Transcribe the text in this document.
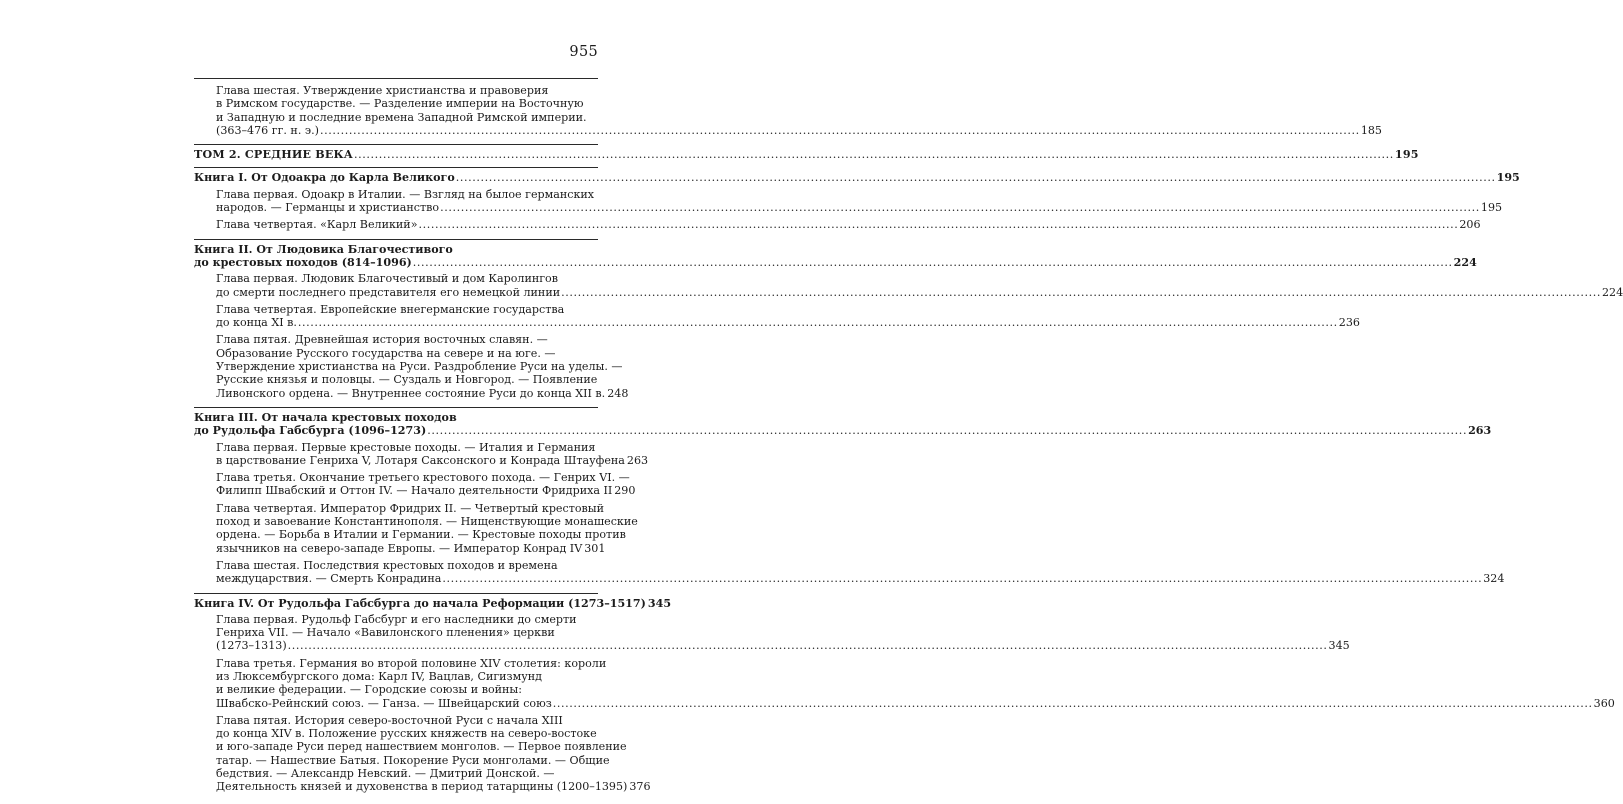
955
Глава шестая. Утверждение христианства и правоверия
в Римском государстве. — Разделение империи на Восточную
и Западную и последние времена Западной Римской империи.
(363–476 гг. н. э.) .....	185
ТОМ 2. СРЕДНИЕ ВЕКА .....	195
Книга I. От Одоакра до Карла Великого .....	195
Глава первая. Одоакр в Италии. — Взгляд на былое германских
народов. — Германцы и христианство .....	195
Глава четвертая. «Карл Великий» .....	206
Книга II. От Людовика Благочестивого
до крестовых походов (814–1096) .....	224
Глава первая. Людовик Благочестивый и дом Каролингов
до смерти последнего представителя его немецкой линии .....	224
Глава четвертая. Европейские внегерманские государства
до конца XI в. .....	236
Глава пятая. Древнейшая история восточных славян. —
Образование Русского государства на севере и на юге. —
Утверждение христианства на Руси. Раздробление Руси на уделы. —
Русские князья и половцы. — Суздаль и Новгород. — Появление
Ливонского ордена. — Внутреннее состояние Руси до конца XII в. 248
Книга III. От начала крестовых походов
до Рудольфа Габсбурга (1096–1273) .....	263
Глава первая. Первые крестовые походы. — Италия и Германия
в царствование Генриха V, Лотаря Саксонского и Конрада Штауфена 263
Глава третья. Окончание третьего крестового похода. — Генрих VI. —
Филипп Швабский и Оттон IV. — Начало деятельности Фридриха II 290
Глава четвертая. Император Фридрих II. — Четвертый крестовый
поход и завоевание Константинополя. — Нищенствующие монашеские
ордена. — Борьба в Италии и Германии. — Крестовые походы против
язычников на северо-западе Европы. — Император Конрад IV 301
Глава шестая. Последствия крестовых походов и времена
междуцарствия. — Смерть Конрадина .....	324
Книга IV. От Рудольфа Габсбурга до начала Реформации (1273–1517) 345
Глава первая. Рудольф Габсбург и его наследники до смерти
Генриха VII. — Начало «Вавилонского пленения» церкви
(1273–1313) .....	345
Глава третья. Германия во второй половине XIV столетия: короли
из Люксембургского дома: Карл IV, Вацлав, Сигизмунд
и великие федерации. — Городские союзы и войны:
Швабско-Рейнский союз. — Ганза. — Швейцарский союз .....	360
Глава пятая. История северо-восточной Руси с начала XIII
до конца XIV в. Положение русских княжеств на северо-востоке
и юго-западе Руси перед нашествием монголов. — Первое появление
татар. — Нашествие Батыя. Покорение Руси монголами. — Общие
бедствия. — Александр Невский. — Дмитрий Донской. —
Деятельность князей и духовенства в период татарщины (1200–1395) 376
